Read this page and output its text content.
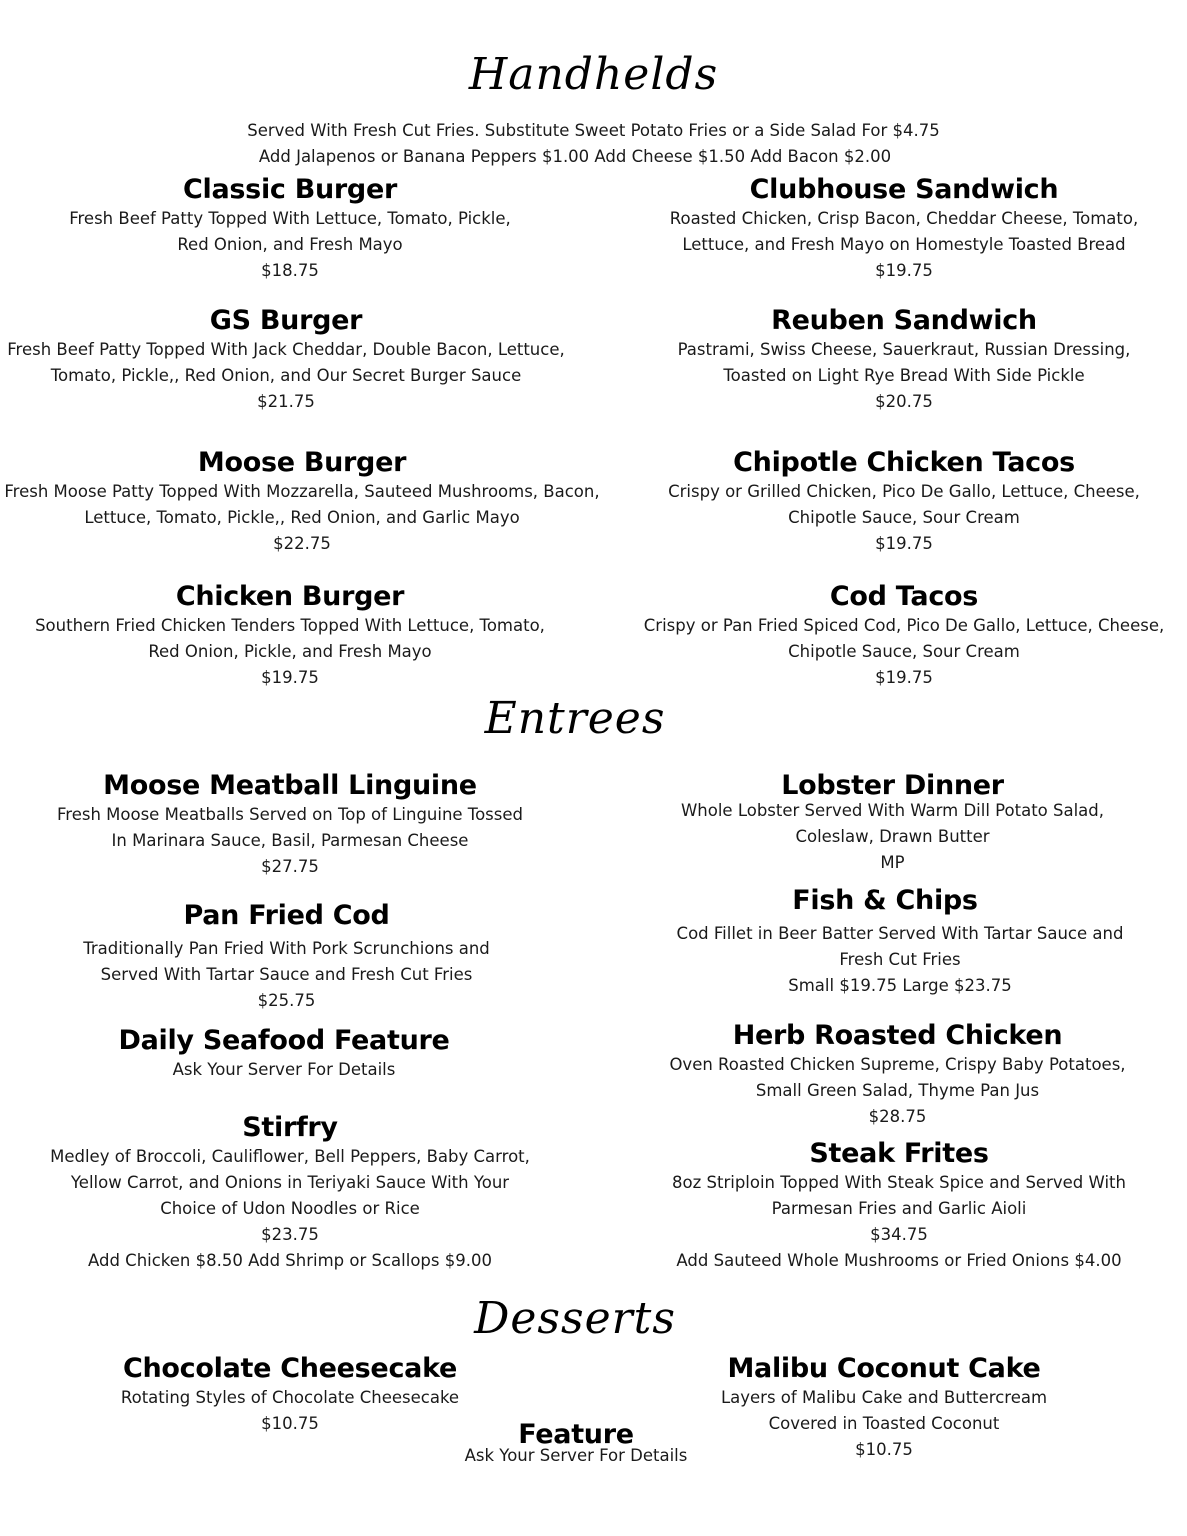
Handhelds
Served With Fresh Cut Fries. Substitute Sweet Potato Fries or a Side Salad For $4.75
Add Jalapenos or Banana Peppers $1.00 Add Cheese $1.50 Add Bacon $2.00
Classic Burger
Fresh Beef Patty Topped With Lettuce, Tomato, Pickle,
Red Onion, and Fresh Mayo
$18.75
Clubhouse Sandwich
Roasted Chicken, Crisp Bacon, Cheddar Cheese, Tomato,
Lettuce, and Fresh Mayo on Homestyle Toasted Bread
$19.75
GS Burger
Fresh Beef Patty Topped With Jack Cheddar, Double Bacon, Lettuce,
Tomato, Pickle,, Red Onion, and Our Secret Burger Sauce
$21.75
Reuben Sandwich
Pastrami, Swiss Cheese, Sauerkraut, Russian Dressing,
Toasted on Light Rye Bread With Side Pickle
$20.75
Moose Burger
Fresh Moose Patty Topped With Mozzarella, Sauteed Mushrooms, Bacon,
Lettuce, Tomato, Pickle,, Red Onion, and Garlic Mayo
$22.75
Chipotle Chicken Tacos
Crispy or Grilled Chicken, Pico De Gallo, Lettuce, Cheese,
Chipotle Sauce, Sour Cream
$19.75
Chicken Burger
Southern Fried Chicken Tenders Topped With Lettuce, Tomato,
Red Onion, Pickle, and Fresh Mayo
$19.75
Cod Tacos
Crispy or Pan Fried Spiced Cod, Pico De Gallo, Lettuce, Cheese,
Chipotle Sauce, Sour Cream
$19.75
Entrees
Moose Meatball Linguine
Fresh Moose Meatballs Served on Top of Linguine Tossed
In Marinara Sauce, Basil, Parmesan Cheese
$27.75
Lobster Dinner
Whole Lobster Served With Warm Dill Potato Salad,
Coleslaw, Drawn Butter
MP
Pan Fried Cod
Traditionally Pan Fried With Pork Scrunchions and
Served With Tartar Sauce and Fresh Cut Fries
$25.75
Fish & Chips
Cod Fillet in Beer Batter Served With Tartar Sauce and
Fresh Cut Fries
Small $19.75 Large $23.75
Daily Seafood Feature
Ask Your Server For Details
Herb Roasted Chicken
Oven Roasted Chicken Supreme, Crispy Baby Potatoes,
Small Green Salad, Thyme Pan Jus
$28.75
Stirfry
Medley of Broccoli, Cauliflower, Bell Peppers, Baby Carrot,
Yellow Carrot, and Onions in Teriyaki Sauce With Your
Choice of Udon Noodles or Rice
$23.75
Add Chicken $8.50 Add Shrimp or Scallops $9.00
Steak Frites
8oz Striploin Topped With Steak Spice and Served With
Parmesan Fries and Garlic Aioli
$34.75
Add Sauteed Whole Mushrooms or Fried Onions $4.00
Desserts
Chocolate Cheesecake
Rotating Styles of Chocolate Cheesecake
$10.75
Malibu Coconut Cake
Layers of Malibu Cake and Buttercream
Covered in Toasted Coconut
$10.75
Feature
Ask Your Server For Details
